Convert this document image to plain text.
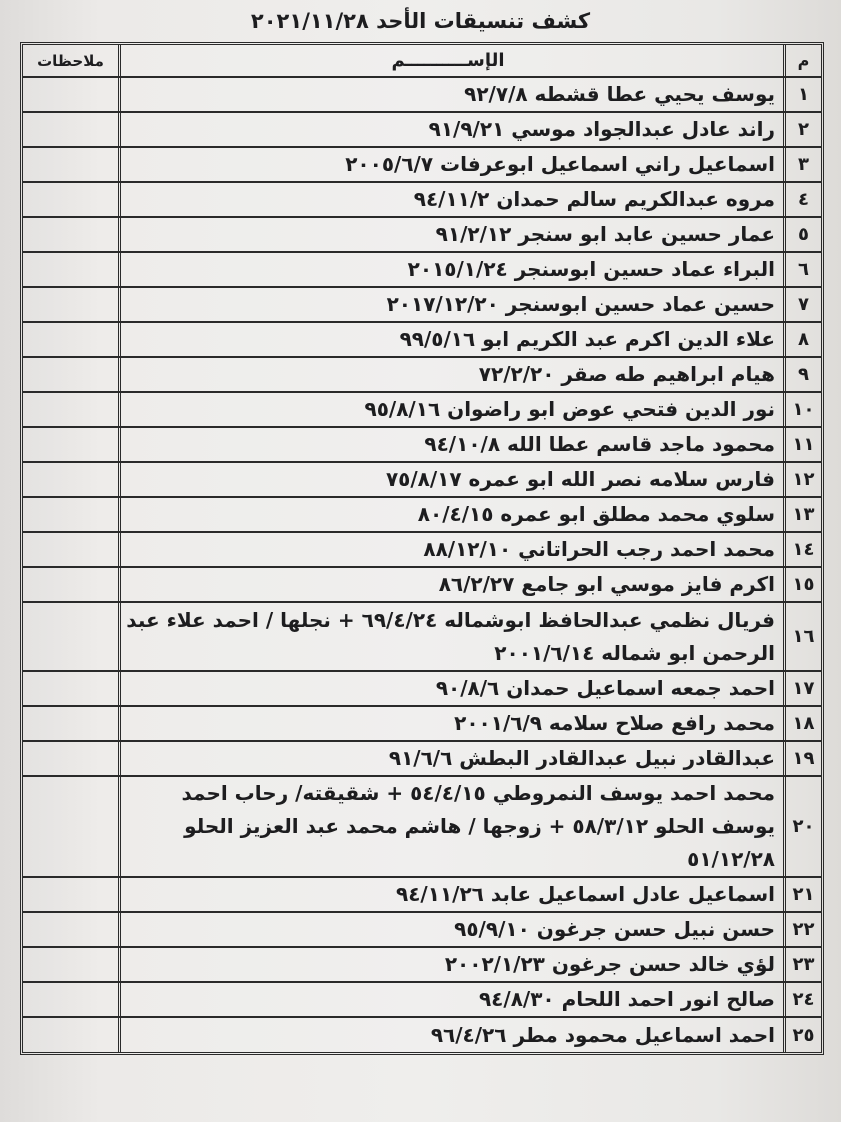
كشف تنسيقات الأحد ٢٠٢١/١١/٢٨
م
الإســــــــــم
ملاحظات
١
يوسف يحيي عطا قشطه ٩٢/٧/٨
٢
راند عادل عبدالجواد موسي ٩١/٩/٢١
٣
اسماعيل راني اسماعيل ابوعرفات ٢٠٠٥/٦/٧
٤
مروه عبدالكريم سالم حمدان ٩٤/١١/٢
٥
عمار حسين عابد ابو سنجر ٩١/٢/١٢
٦
البراء عماد حسين ابوسنجر ٢٠١٥/١/٢٤
٧
حسين عماد حسين ابوسنجر ٢٠١٧/١٢/٢٠
٨
علاء الدين اكرم عبد الكريم ابو ٩٩/٥/١٦
٩
هيام ابراهيم طه صقر ٧٢/٢/٢٠
١٠
نور الدين فتحي عوض ابو راضوان ٩٥/٨/١٦
١١
محمود ماجد قاسم عطا الله ٩٤/١٠/٨
١٢
فارس سلامه نصر الله ابو عمره ٧٥/٨/١٧
١٣
سلوي محمد مطلق ابو عمره ٨٠/٤/١٥
١٤
محمد احمد رجب الحراتاني ٨٨/١٢/١٠
١٥
اكرم فايز موسي ابو جامع ٨٦/٢/٢٧
١٦
فريال نظمي عبدالحافظ ابوشماله ٦٩/٤/٢٤ + نجلها / احمد علاء عبد الرحمن ابو شماله ٢٠٠١/٦/١٤
١٧
احمد جمعه اسماعيل حمدان ٩٠/٨/٦
١٨
محمد رافع صلاح سلامه ٢٠٠١/٦/٩
١٩
عبدالقادر نبيل عبدالقادر البطش ٩١/٦/٦
٢٠
محمد احمد يوسف النمروطي ٥٤/٤/١٥ + شقيقته/ رحاب احمد يوسف الحلو ٥٨/٣/١٢ + زوجها / هاشم محمد عبد العزيز الحلو ٥١/١٢/٢٨
٢١
اسماعيل عادل اسماعيل عابد ٩٤/١١/٢٦
٢٢
حسن نبيل حسن جرغون ٩٥/٩/١٠
٢٣
لؤي خالد حسن جرغون ٢٠٠٢/١/٢٣
٢٤
صالح انور احمد اللحام ٩٤/٨/٣٠
٢٥
احمد اسماعيل محمود مطر ٩٦/٤/٢٦
